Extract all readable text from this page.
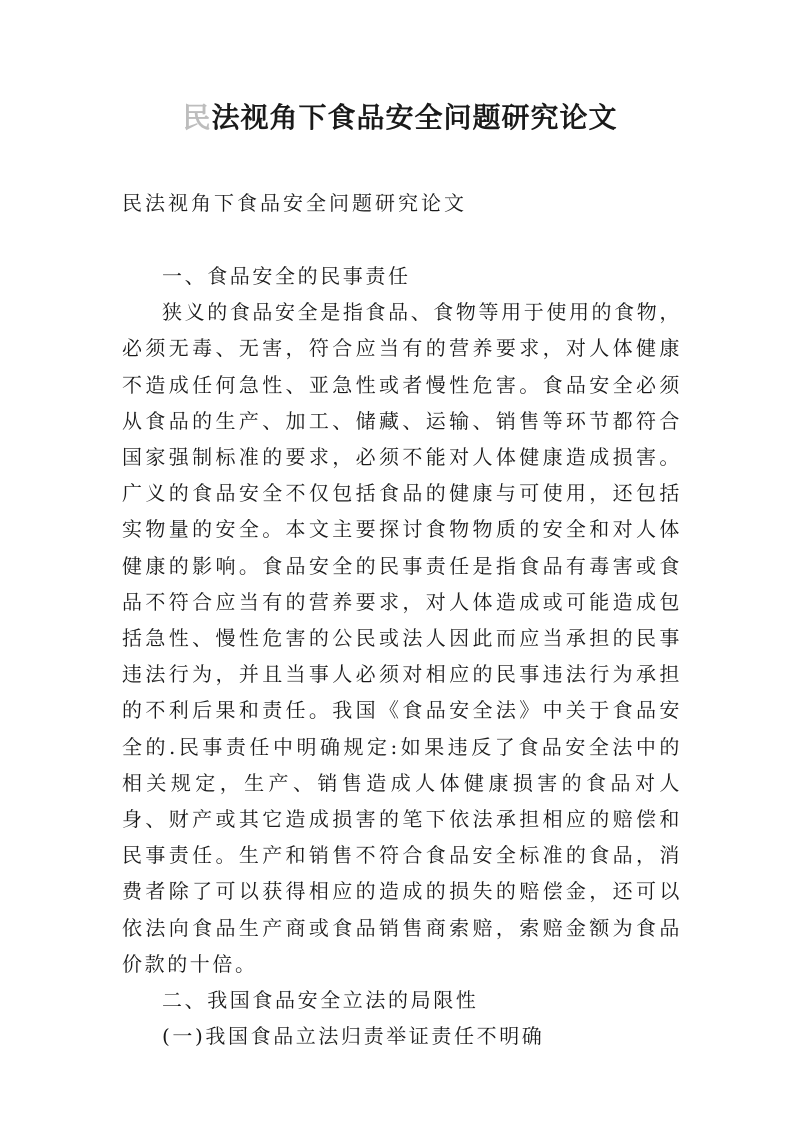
民法视角下食品安全问题研究论文

民法视角下食品安全问题研究论文

一、食品安全的民事责任

狭义的食品安全是指食品、食物等用于使用的食物，必须无毒、无害，符合应当有的营养要求，对人体健康不造成任何急性、亚急性或者慢性危害。食品安全必须从食品的生产、加工、储藏、运输、销售等环节都符合国家强制标准的要求，必须不能对人体健康造成损害。广义的食品安全不仅包括食品的健康与可使用，还包括实物量的安全。本文主要探讨食物物质的安全和对人体健康的影响。食品安全的民事责任是指食品有毒害或食品不符合应当有的营养要求，对人体造成或可能造成包括急性、慢性危害的公民或法人因此而应当承担的民事违法行为，并且当事人必须对相应的民事违法行为承担的不利后果和责任。我国《食品安全法》中关于食品安全的.民事责任中明确规定:如果违反了食品安全法中的相关规定，生产、销售造成人体健康损害的食品对人身、财产或其它造成损害的笔下依法承担相应的赔偿和民事责任。生产和销售不符合食品安全标准的食品，消费者除了可以获得相应的造成的损失的赔偿金，还可以依法向食品生产商或食品销售商索赔，索赔金额为食品价款的十倍。

二、我国食品安全立法的局限性

(一)我国食品立法归责举证责任不明确
